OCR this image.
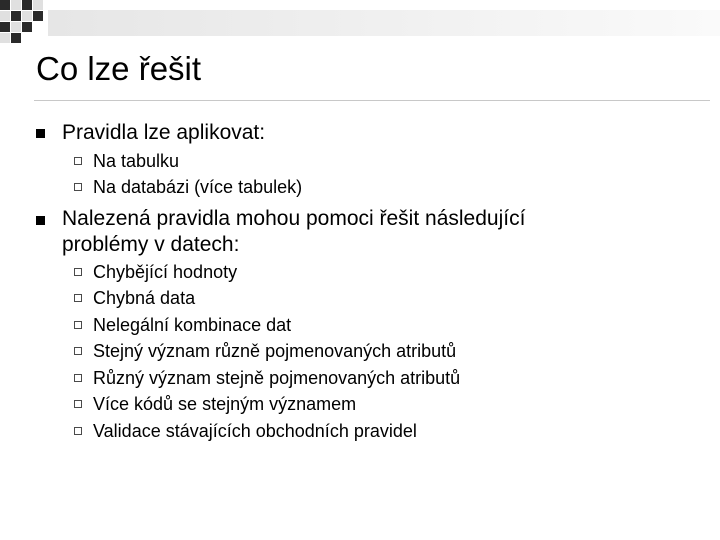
Co lze řešit
Pravidla lze aplikovat:
Na tabulku
Na databázi (více tabulek)
Nalezená pravidla mohou pomoci řešit následující
problémy v datech:
Chybějící hodnoty
Chybná data
Nelegální kombinace dat
Stejný význam různě pojmenovaných atributů
Různý význam stejně pojmenovaných atributů
Více kódů se stejným významem
Validace stávajících obchodních pravidel
